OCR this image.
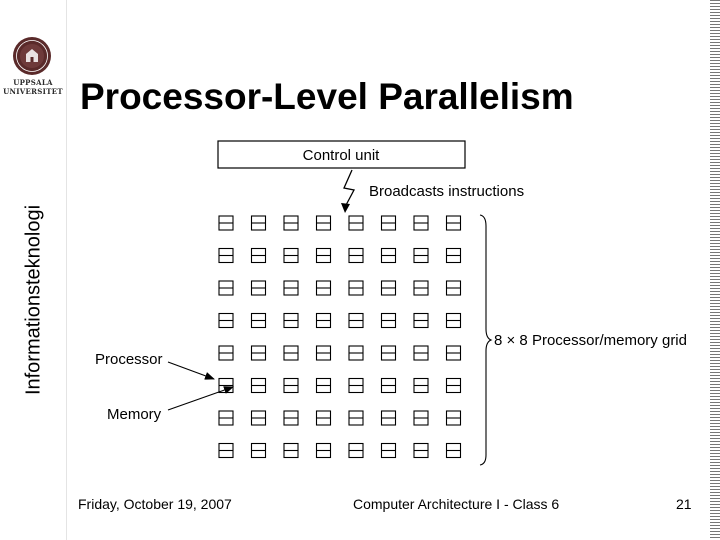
UPPSALA
UNIVERSITET
Informationsteknologi
Processor-Level Parallelism
Control unit
Broadcasts instructions
8 × 8 Processor/memory grid
Processor
Memory
Friday, October 19, 2007	Computer Architecture I - Class 6	21
